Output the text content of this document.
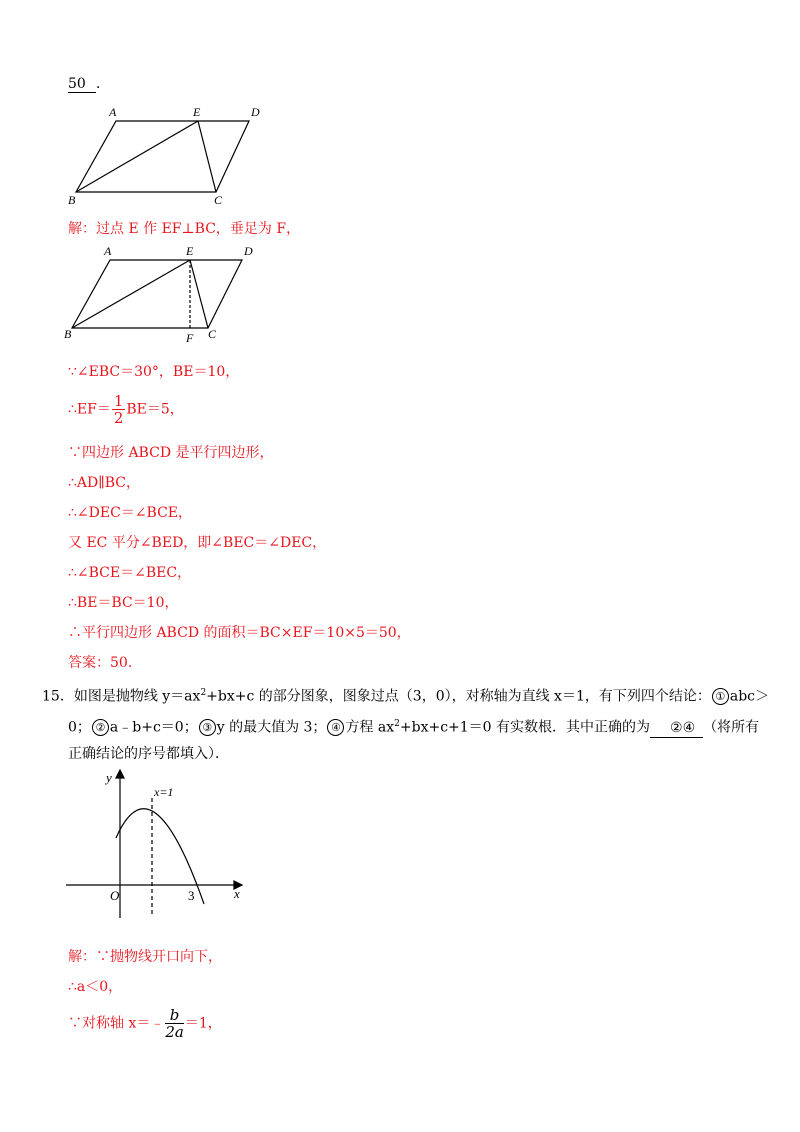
50 .
A	E	D
B	C
解：过点 E 作 EF⊥BC，垂足为 F，
A	E	D
B	F C
∵∠EBC＝30°，BE＝10，
∴EF＝ $\frac{1}{2} BE=5$，
∵四边形 ABCD 是平行四边形，
∴AD∥BC，
∴∠DEC＝∠BCE，
又 EC 平分∠BED，即∠BEC＝∠DEC，
∴∠BCE＝∠BEC，
∴BE＝BC＝10，
∴平行四边形 ABCD 的面积＝BC×EF＝10×5＝50，
答案：50.
15．如图是抛物线 $y=ax^2+bx+c$ 的部分图象，图象过点（3，0），对称轴为直线 x＝1，有下列四个结论： ① abc＞
0； ② a﹣b+c＝0； ③ y 的最大值为 3； ④ 方程 $ax^2+bx+c+1=0$ 有实数根．其中正确的为 ②④ （将所有
正确结论的序号都填入）．
y
x
O	3
x=1
解：∵抛物线开口向下，
∴a＜0，
∵对称轴 x＝﹣ $\frac{b}{2a} =1$，
